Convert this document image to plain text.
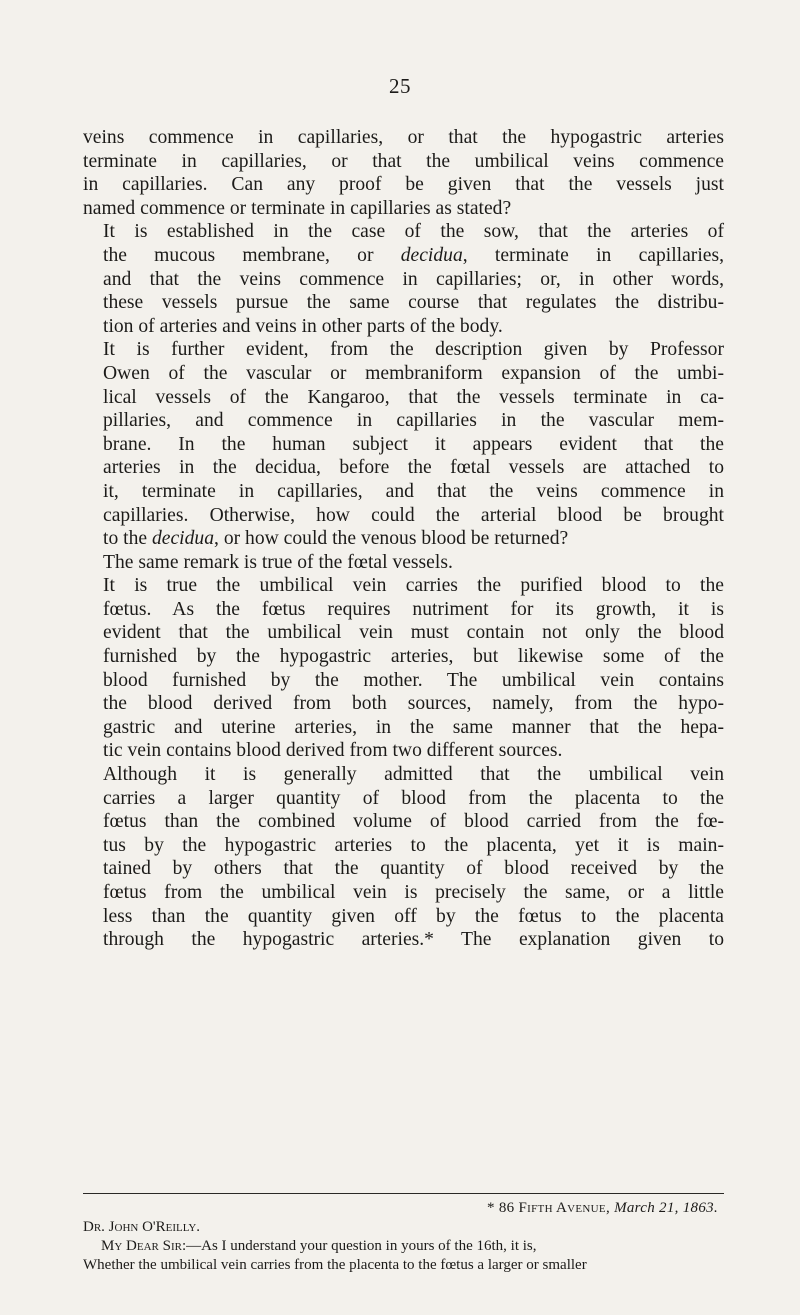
25

veins commence in capillaries, or that the hypogastric arteries
terminate in capillaries, or that the umbilical veins commence
in capillaries. Can any proof be given that the vessels just
named commence or terminate in capillaries as stated?

It is established in the case of the sow, that the arteries of
the mucous membrane, or decidua, terminate in capillaries,
and that the veins commence in capillaries; or, in other words,
these vessels pursue the same course that regulates the distribu-
tion of arteries and veins in other parts of the body.

It is further evident, from the description given by Professor
Owen of the vascular or membraniform expansion of the umbi-
lical vessels of the Kangaroo, that the vessels terminate in ca-
pillaries, and commence in capillaries in the vascular mem-
brane. In the human subject it appears evident that the
arteries in the decidua, before the fœtal vessels are attached to
it, terminate in capillaries, and that the veins commence in
capillaries. Otherwise, how could the arterial blood be brought
to the decidua, or how could the venous blood be returned?

The same remark is true of the fœtal vessels.

It is true the umbilical vein carries the purified blood to the
fœtus. As the fœtus requires nutriment for its growth, it is
evident that the umbilical vein must contain not only the blood
furnished by the hypogastric arteries, but likewise some of the
blood furnished by the mother. The umbilical vein contains
the blood derived from both sources, namely, from the hypo-
gastric and uterine arteries, in the same manner that the hepa-
tic vein contains blood derived from two different sources.

Although it is generally admitted that the umbilical vein
carries a larger quantity of blood from the placenta to the
fœtus than the combined volume of blood carried from the fœ-
tus by the hypogastric arteries to the placenta, yet it is main-
tained by others that the quantity of blood received by the
fœtus from the umbilical vein is precisely the same, or a little
less than the quantity given off by the fœtus to the placenta
through the hypogastric arteries.* The explanation given to

* 86 Fifth Avenue, March 21, 1863.
Dr. John O'Reilly.
My Dear Sir:—As I understand your question in yours of the 16th, it is,
Whether the umbilical vein carries from the placenta to the fœtus a larger or smaller
